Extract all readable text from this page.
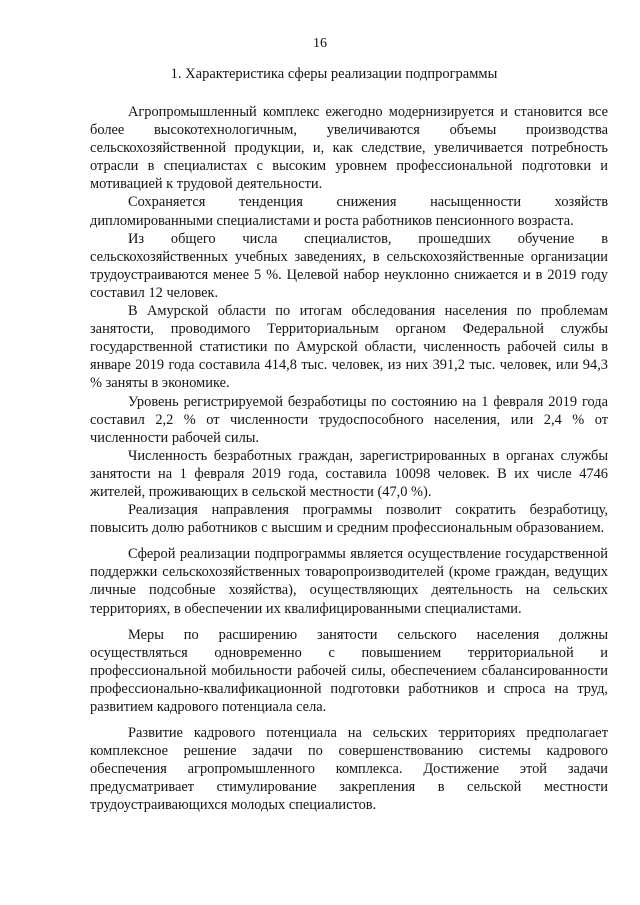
16
1. Характеристика сферы реализации подпрограммы

Агропромышленный комплекс ежегодно модернизируется и становится все более высокотехнологичным, увеличиваются объемы производства сельскохозяйственной продукции, и, как следствие, увеличивается потребность отрасли в специалистах с высоким уровнем профессиональной подготовки и мотивацией к трудовой деятельности.

Сохраняется тенденция снижения насыщенности хозяйств дипломированными специалистами и роста работников пенсионного возраста.

Из общего числа специалистов, прошедших обучение в сельскохозяйственных учебных заведениях, в сельскохозяйственные организации трудоустраиваются менее 5 %. Целевой набор неуклонно снижается и в 2019 году составил 12 человек.

В Амурской области по итогам обследования населения по проблемам занятости, проводимого Территориальным органом Федеральной службы государственной статистики по Амурской области, численность рабочей силы в январе 2019 года составила 414,8 тыс. человек, из них 391,2 тыс. человек, или 94,3 % заняты в экономике.

Уровень регистрируемой безработицы по состоянию на 1 февраля 2019 года составил 2,2 % от численности трудоспособного населения, или 2,4 % от численности рабочей силы.

Численность безработных граждан, зарегистрированных в органах службы занятости на 1 февраля 2019 года, составила 10098 человек. В их числе 4746 жителей, проживающих в сельской местности (47,0 %).

Реализация направления программы позволит сократить безработицу, повысить долю работников с высшим и средним профессиональным образованием.

Сферой реализации подпрограммы является осуществление государственной поддержки сельскохозяйственных товаропроизводителей (кроме граждан, ведущих личные подсобные хозяйства), осуществляющих деятельность на сельских территориях, в обеспечении их квалифицированными специалистами.

Меры по расширению занятости сельского населения должны осуществляться одновременно с повышением территориальной и профессиональной мобильности рабочей силы, обеспечением сбалансированности профессионально-квалификационной подготовки работников и спроса на труд, развитием кадрового потенциала села.

Развитие кадрового потенциала на сельских территориях предполагает комплексное решение задачи по совершенствованию системы кадрового обеспечения агропромышленного комплекса. Достижение этой задачи предусматривает стимулирование закрепления в сельской местности трудоустраивающихся молодых специалистов.
